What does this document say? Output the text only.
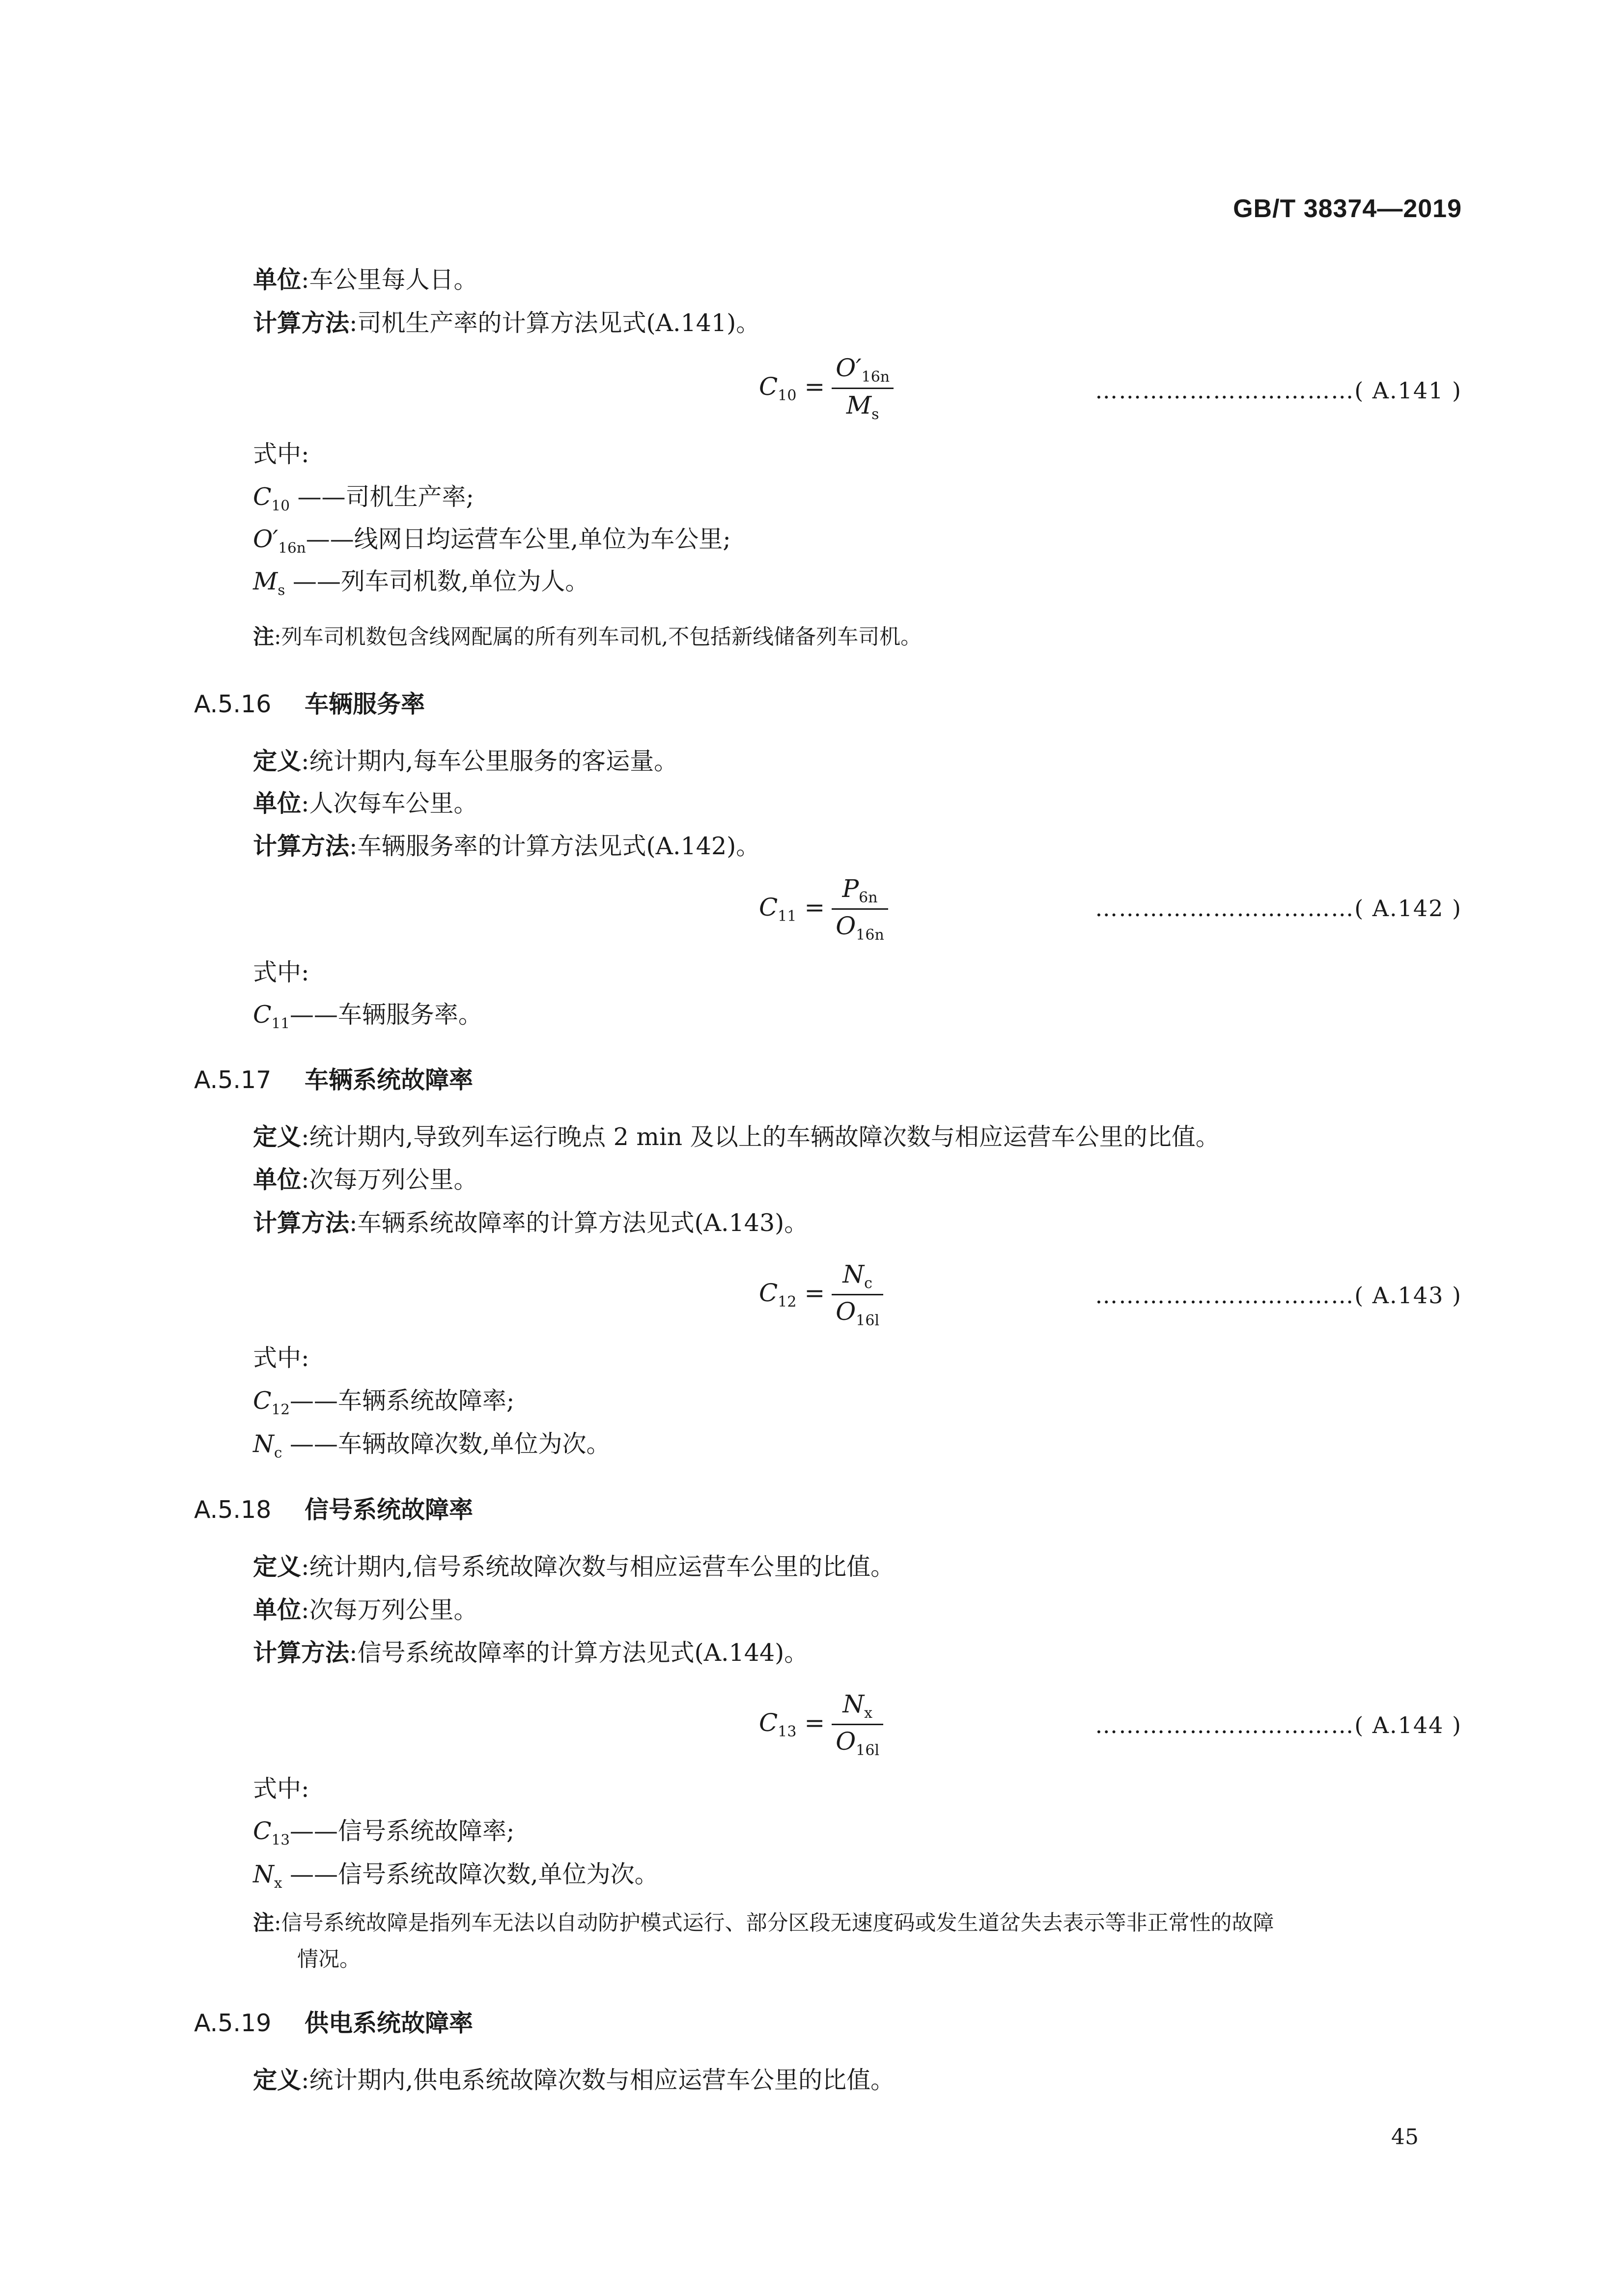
GB/T 38374—2019
单位:车公里每人日。
计算方法:司机生产率的计算方法见式(A.141)。
$C_{10} = \frac{O'_{16n}}{M_s}$	……………………………( A.141 )
式中:
$C_{10}$ ——司机生产率;
$O'_{16n}——$线网日均运营车公里,单位为车公里;
$M_s$ ——列车司机数,单位为人。
注:列车司机数包含线网配属的所有列车司机,不包括新线储备列车司机。
A.5.16 车辆服务率
定义:统计期内,每车公里服务的客运量。
单位:人次每车公里。
计算方法:车辆服务率的计算方法见式(A.142)。
$C_{11} = \frac{P_{6n}}{O_{16n}}$	……………………………( A.142 )
式中:
$C_{11}——$车辆服务率。
A.5.17 车辆系统故障率
定义:统计期内,导致列车运行晚点 2 min 及以上的车辆故障次数与相应运营车公里的比值。
单位:次每万列公里。
计算方法:车辆系统故障率的计算方法见式(A.143)。
$C_{12} = \frac{N_c}{O_{16l}}$	……………………………( A.143 )
式中:
$C_{12}——$车辆系统故障率;
$N_c$ ——车辆故障次数,单位为次。
A.5.18 信号系统故障率
定义:统计期内,信号系统故障次数与相应运营车公里的比值。
单位:次每万列公里。
计算方法:信号系统故障率的计算方法见式(A.144)。
$C_{13} = \frac{N_x}{O_{16l}}$	……………………………( A.144 )
式中:
$C_{13}——$信号系统故障率;
$N_x$ ——信号系统故障次数,单位为次。
注:信号系统故障是指列车无法以自动防护模式运行、部分区段无速度码或发生道岔失去表示等非正常性的故障
情况。
A.5.19 供电系统故障率
定义:统计期内,供电系统故障次数与相应运营车公里的比值。
45
